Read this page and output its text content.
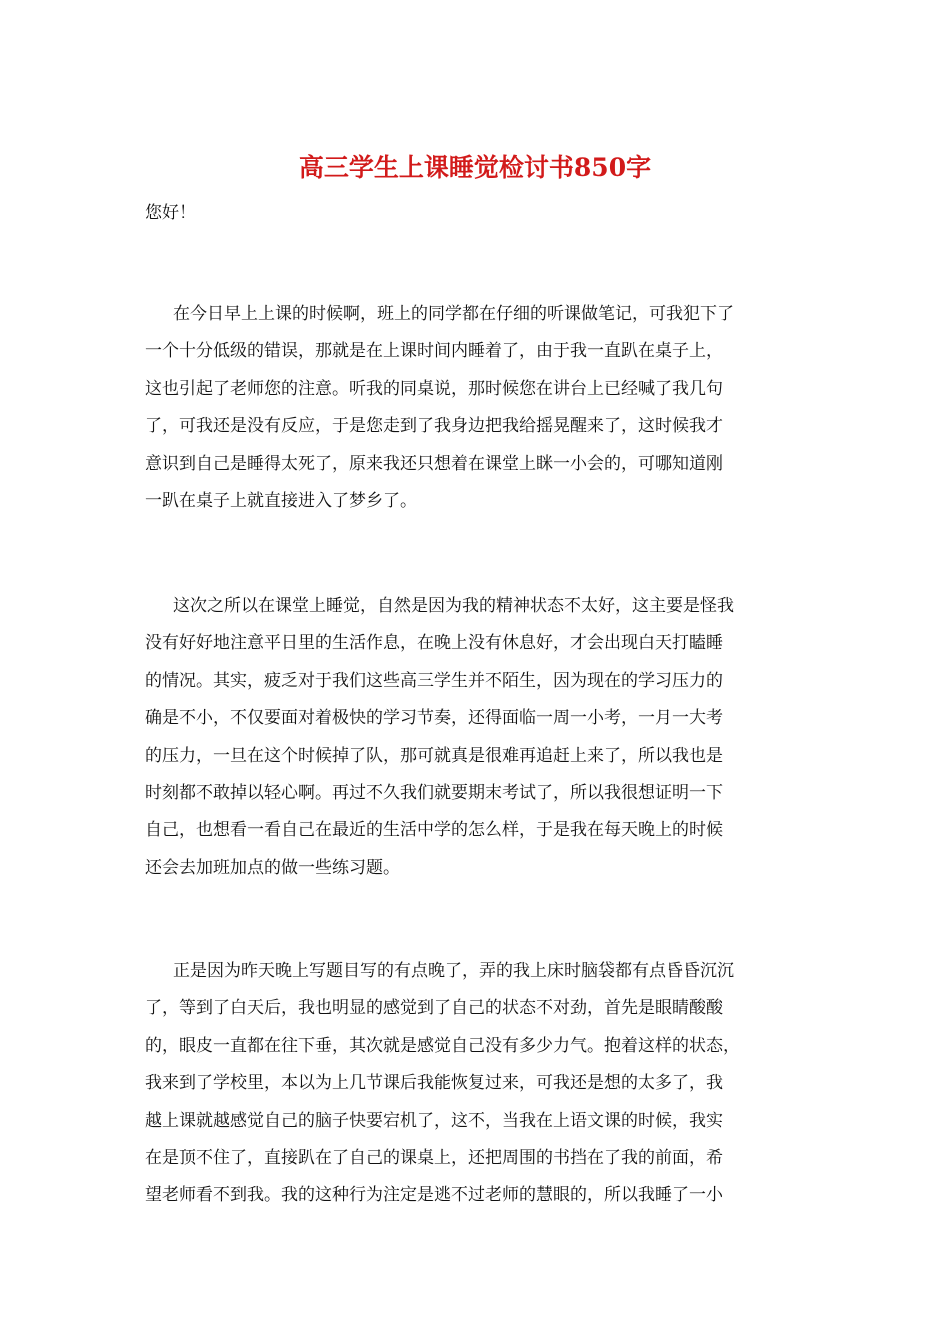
高三学生上课睡觉检讨书850字
您好！
在今日早上上课的时候啊，班上的同学都在仔细的听课做笔记，可我犯下了
一个十分低级的错误，那就是在上课时间内睡着了，由于我一直趴在桌子上，
这也引起了老师您的注意。听我的同桌说，那时候您在讲台上已经喊了我几句
了，可我还是没有反应，于是您走到了我身边把我给摇晃醒来了，这时候我才
意识到自己是睡得太死了，原来我还只想着在课堂上眯一小会的，可哪知道刚
一趴在桌子上就直接进入了梦乡了。
这次之所以在课堂上睡觉，自然是因为我的精神状态不太好，这主要是怪我
没有好好地注意平日里的生活作息，在晚上没有休息好，才会出现白天打瞌睡
的情况。其实，疲乏对于我们这些高三学生并不陌生，因为现在的学习压力的
确是不小，不仅要面对着极快的学习节奏，还得面临一周一小考，一月一大考
的压力，一旦在这个时候掉了队，那可就真是很难再追赶上来了，所以我也是
时刻都不敢掉以轻心啊。再过不久我们就要期末考试了，所以我很想证明一下
自己，也想看一看自己在最近的生活中学的怎么样，于是我在每天晚上的时候
还会去加班加点的做一些练习题。
正是因为昨天晚上写题目写的有点晚了，弄的我上床时脑袋都有点昏昏沉沉
了，等到了白天后，我也明显的感觉到了自己的状态不对劲，首先是眼睛酸酸
的，眼皮一直都在往下垂，其次就是感觉自己没有多少力气。抱着这样的状态，
我来到了学校里，本以为上几节课后我能恢复过来，可我还是想的太多了，我
越上课就越感觉自己的脑子快要宕机了，这不，当我在上语文课的时候，我实
在是顶不住了，直接趴在了自己的课桌上，还把周围的书挡在了我的前面，希
望老师看不到我。我的这种行为注定是逃不过老师的慧眼的，所以我睡了一小
